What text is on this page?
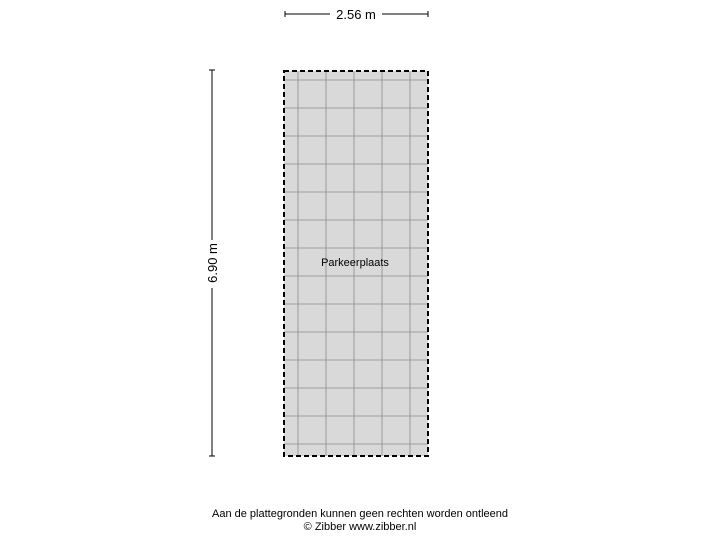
2.56 m
6.90 m	Parkeerplaats
Aan de plattegronden kunnen geen rechten worden ontleend
© Zibber www.zibber.nl
